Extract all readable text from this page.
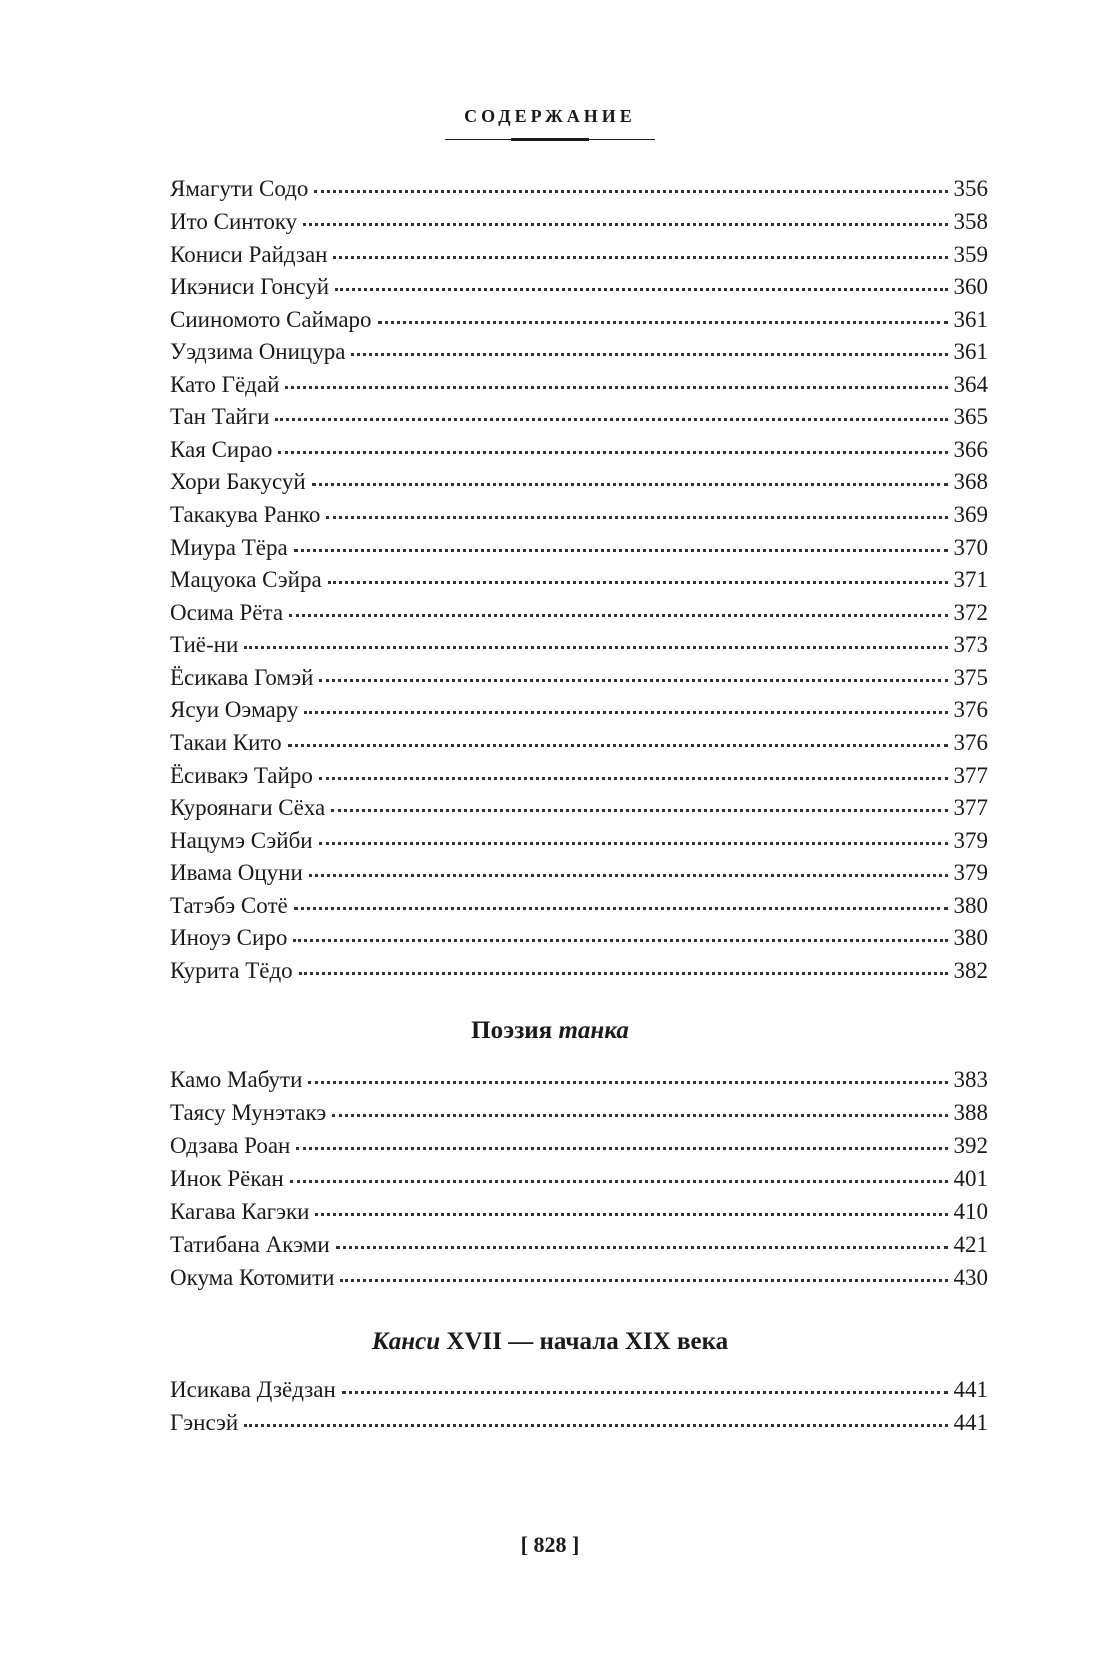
СОДЕРЖАНИЕ
Ямагути Содо	356
Ито Синтоку	358
Кониси Райдзан	359
Икэниси Гонсуй	360
Сииномото Саймаро	361
Уэдзима Оницура	361
Като Гёдай	364
Тан Тайги	365
Кая Сирао	366
Хори Бакусуй	368
Такакува Ранко	369
Миура Тёра	370
Мацуока Сэйра	371
Осима Рёта	372
Тиё-ни	373
Ёсикава Гомэй	375
Ясуи Оэмару	376
Такаи Кито	376
Ёсивакэ Тайро	377
Куроянаги Сёха	377
Нацумэ Сэйби	379
Ивама Оцуни	379
Татэбэ Сотё	380
Иноуэ Сиро	380
Курита Тёдо	382
Поэзия танка
Камо Мабути	383
Таясу Мунэтакэ	388
Одзава Роан	392
Инок Рёкан	401
Кагава Кагэки	410
Татибана Акэми	421
Окума Котомити	430
Канси XVII — начала XIX века
Исикава Дзёдзан	441
Гэнсэй	441
[ 828 ]
